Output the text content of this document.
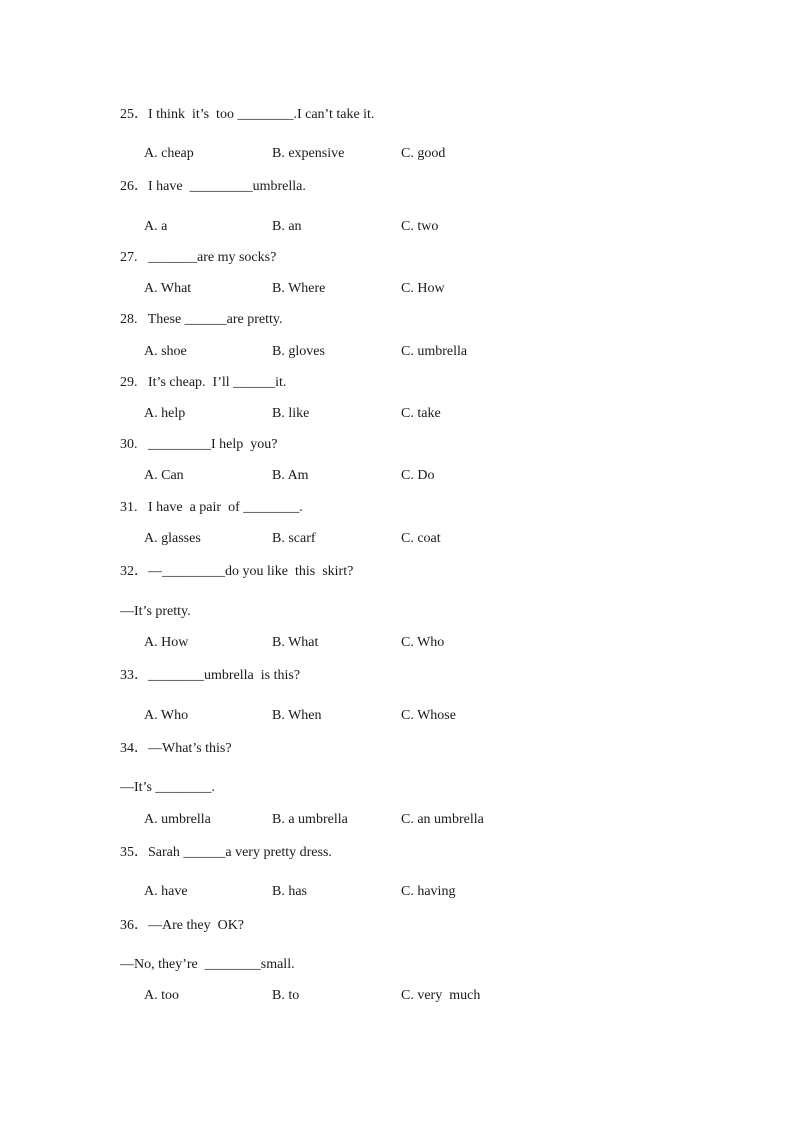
25．I think  it’s  too ________.I can’t take it.
A. cheap	B. expensive	C. good
26．I have  _________umbrella.
A. a	B. an	C. two
27.   _______are my socks?
A. What	B. Where	C. How
28.   These ______are pretty.
A. shoe	B. gloves	C. umbrella
29.   It’s cheap.  I’ll ______it.
A. help	B. like	C. take
30.   _________I help  you?
A. Can	B. Am	C. Do
31.   I have  a pair  of ________.
A. glasses	B. scarf	C. coat
32．—_________do you like  this  skirt?
—It’s pretty.
A. How	B. What	C. Who
33．________umbrella  is this?
A. Who	B. When	C. Whose
34．—What’s this?
—It’s ________.
A. umbrella	B. a umbrella	C. an umbrella
35．Sarah ______a very pretty dress.
A. have	B. has	C. having
36．—Are they  OK?
—No, they’re  ________small.
A. too	B. to	C. very  much
